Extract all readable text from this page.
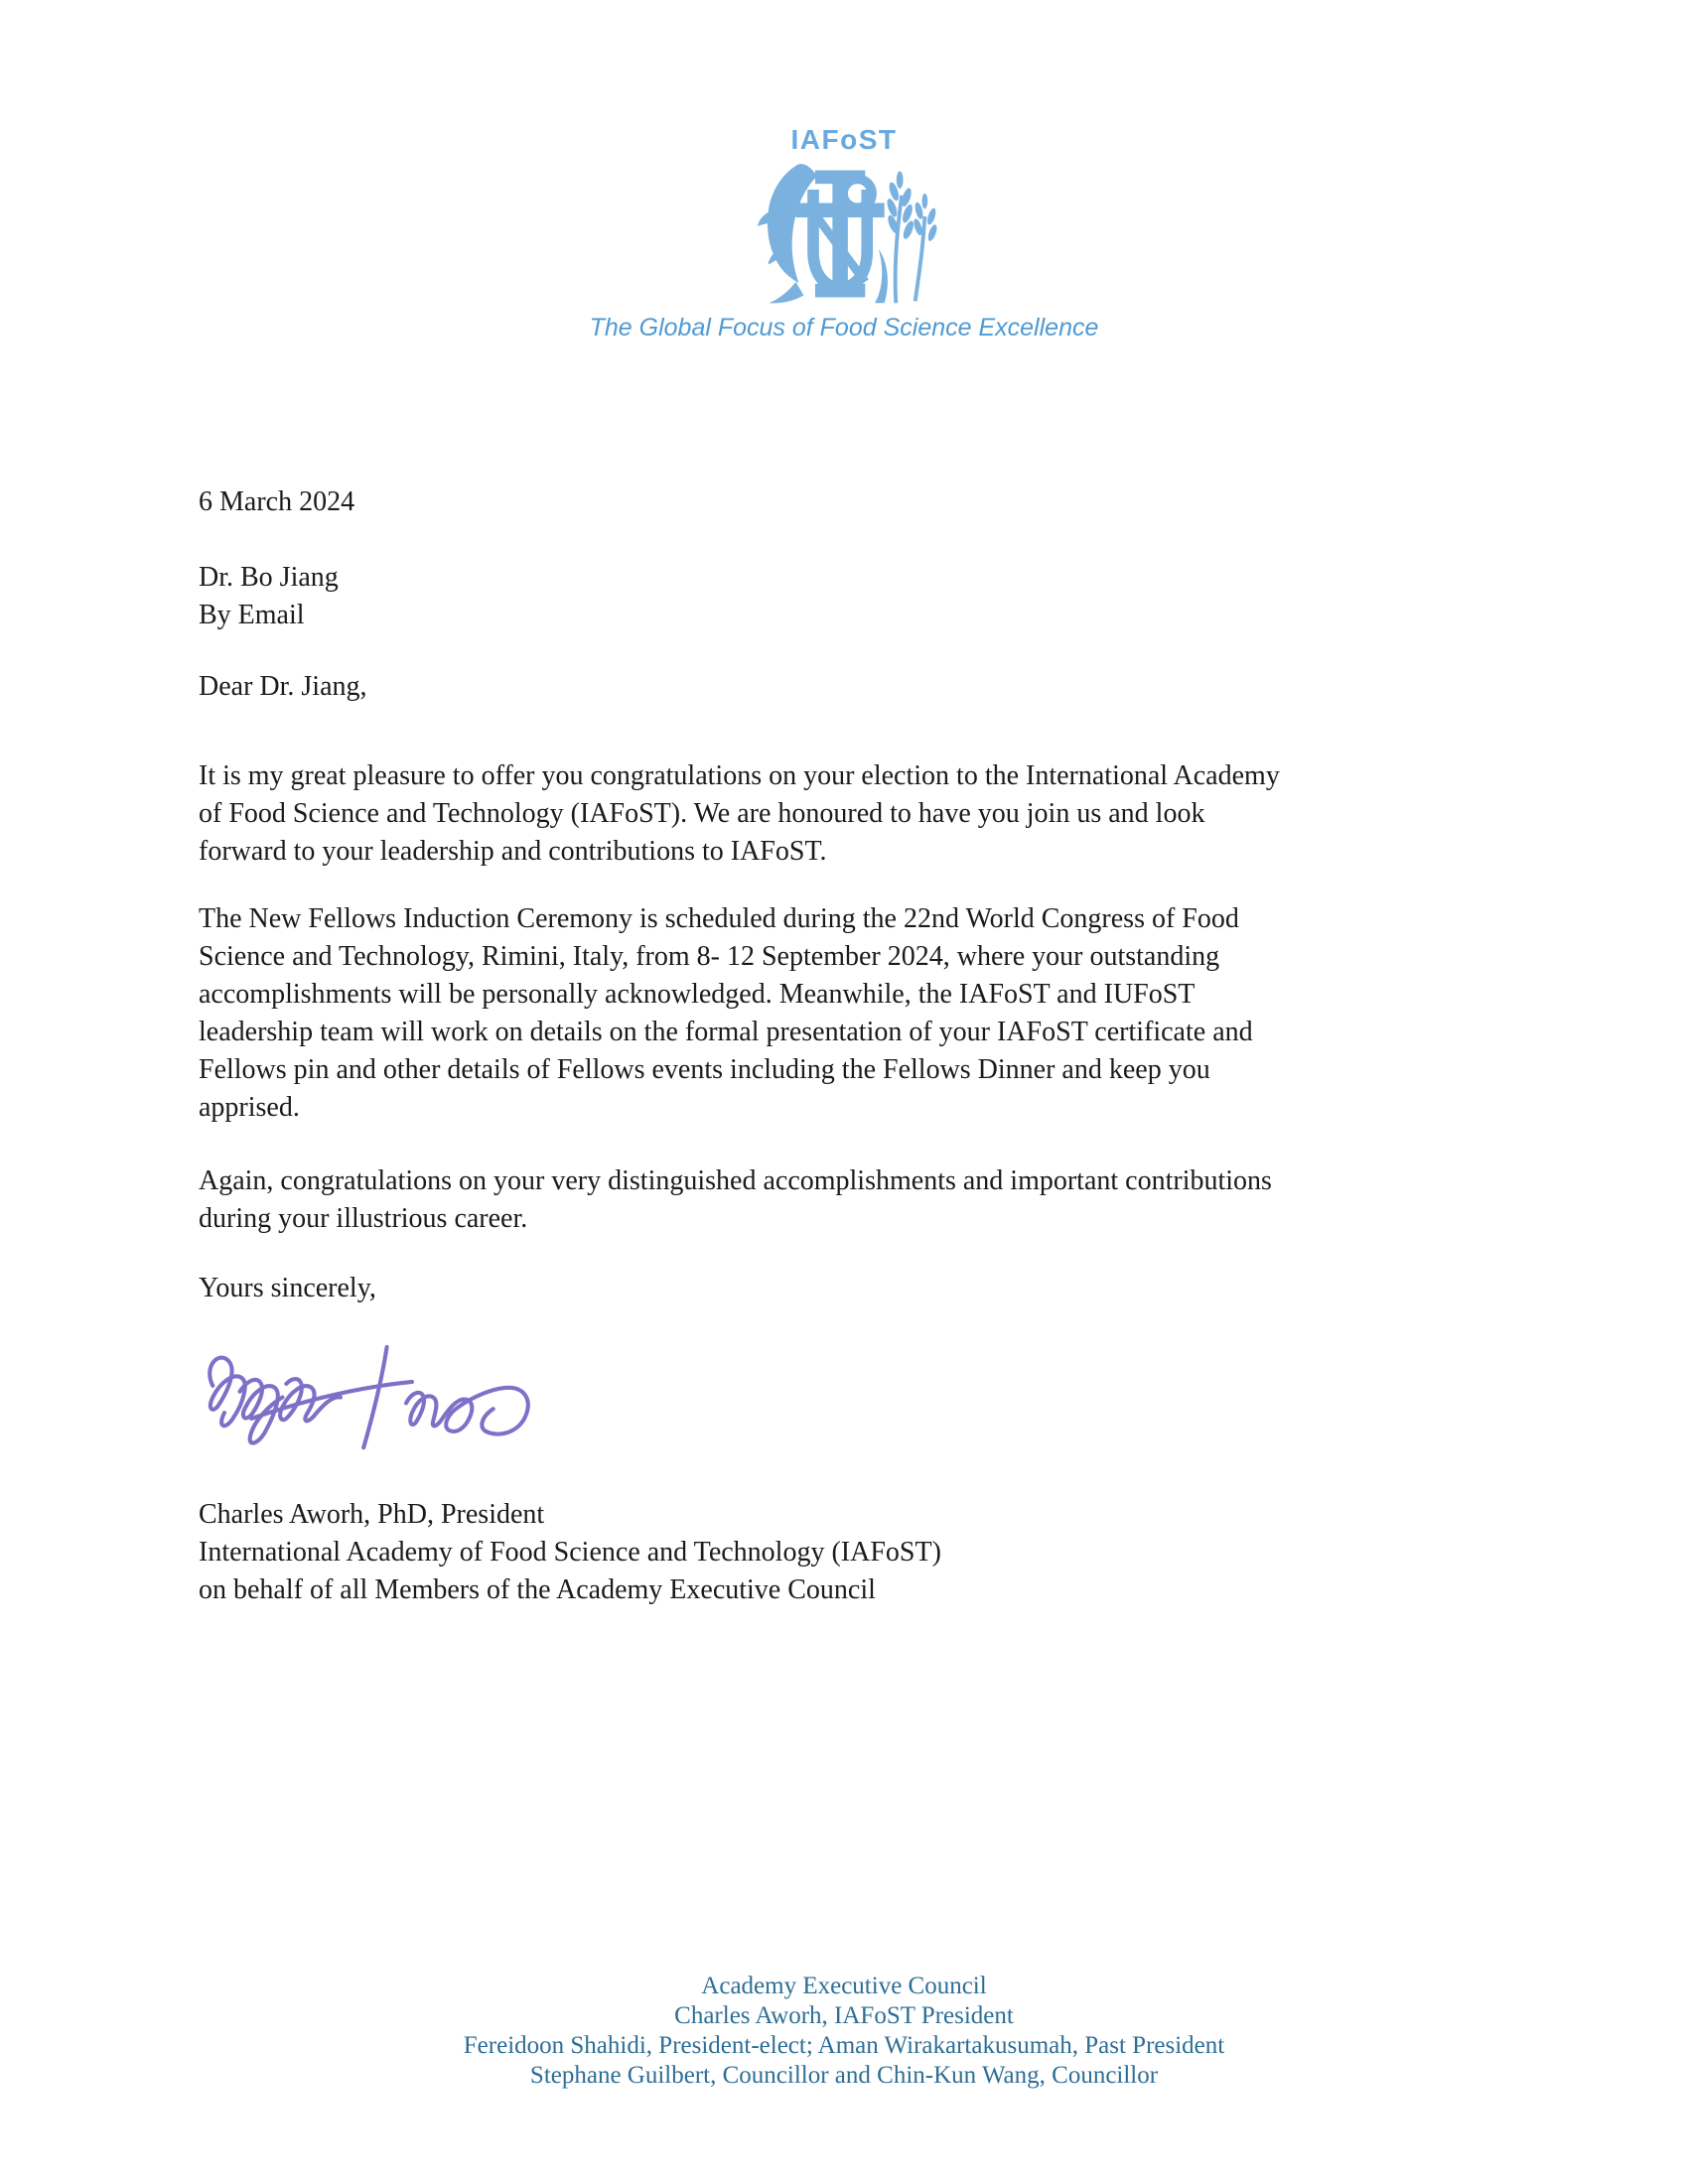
IAFoST
The Global Focus of Food Science Excellence
6 March 2024
Dr. Bo Jiang
By Email
Dear Dr. Jiang,
It is my great pleasure to offer you congratulations on your election to the International Academy
of Food Science and Technology (IAFoST). We are honoured to have you join us and look
forward to your leadership and contributions to IAFoST.
The New Fellows Induction Ceremony is scheduled during the 22nd World Congress of Food
Science and Technology, Rimini, Italy, from 8- 12 September 2024, where your outstanding
accomplishments will be personally acknowledged. Meanwhile, the IAFoST and IUFoST
leadership team will work on details on the formal presentation of your IAFoST certificate and
Fellows pin and other details of Fellows events including the Fellows Dinner and keep you
apprised.
Again, congratulations on your very distinguished accomplishments and important contributions
during your illustrious career.
Yours sincerely,
Charles Aworh, PhD, President
International Academy of Food Science and Technology (IAFoST)
on behalf of all Members of the Academy Executive Council
Academy Executive Council
Charles Aworh, IAFoST President
Fereidoon Shahidi, President-elect; Aman Wirakartakusumah, Past President
Stephane Guilbert, Councillor and Chin-Kun Wang, Councillor
